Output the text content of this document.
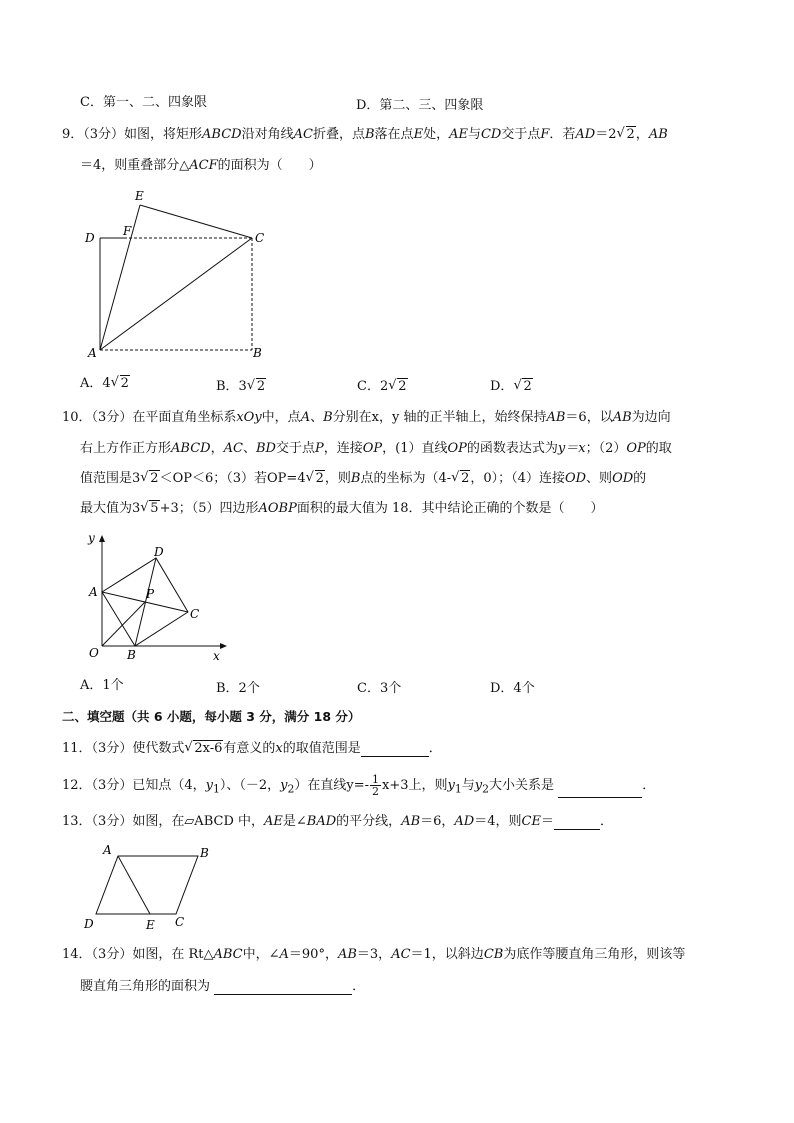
C．第一、二、四象限	D．第二、三、四象限
9．（3分）如图，将矩形ABCD沿对角线AC折叠，点B落在点E处，AE与CD交于点F．若AD＝2 √ 2，AB
＝4，则重叠部分△ACF的面积为（　　）
E
F
D	C
A	B
A．4 √ 2	B．3 √ 2	C．2 √ 2	D． √ 2
10．（3分）在平面直角坐标系xOy中，点A、B分别在x，y 轴的正半轴上，始终保持AB＝6，以AB为边向
右上方作正方形ABCD，AC、BD交于点P，连接OP，(1）直线OP的函数表达式为y＝x；（2）OP的取
值范围是3 √ 2＜OP＜6；（3）若OP=4 √ 2，则B点的坐标为（4- √ 2，0）；（4）连接OD、则OD的
最大值为3 √ 5+3；（5）四边形AOBP面积的最大值为 18．其中结论正确的个数是（　　）
y
x
D
A	P
C
O B
A．1个	B．2个	C．3个	D．4个
二、填空题（共 6 小题，每小题 3 分，满分 18 分）
11．（3分）使代数式 √ 2x-6有意义的x的取值范围是	．
12．（3分）已知点（4，$y_1$）、（－2，$y_2$）在直线$y=- \frac{1}{2} x+3$上，则$y_1$与$y_2$大小关系是	．
13．（3分）如图，在▱ABCD 中，AE是∠BAD的平分线，AB＝6，AD＝4，则CE＝	．
A	B
D	E C
14．（3分）如图，在 Rt△ABC中，∠A＝90°，AB＝3，AC＝1，以斜边CB为底作等腰直角三角形，则该等
腰直角三角形的面积为	．
